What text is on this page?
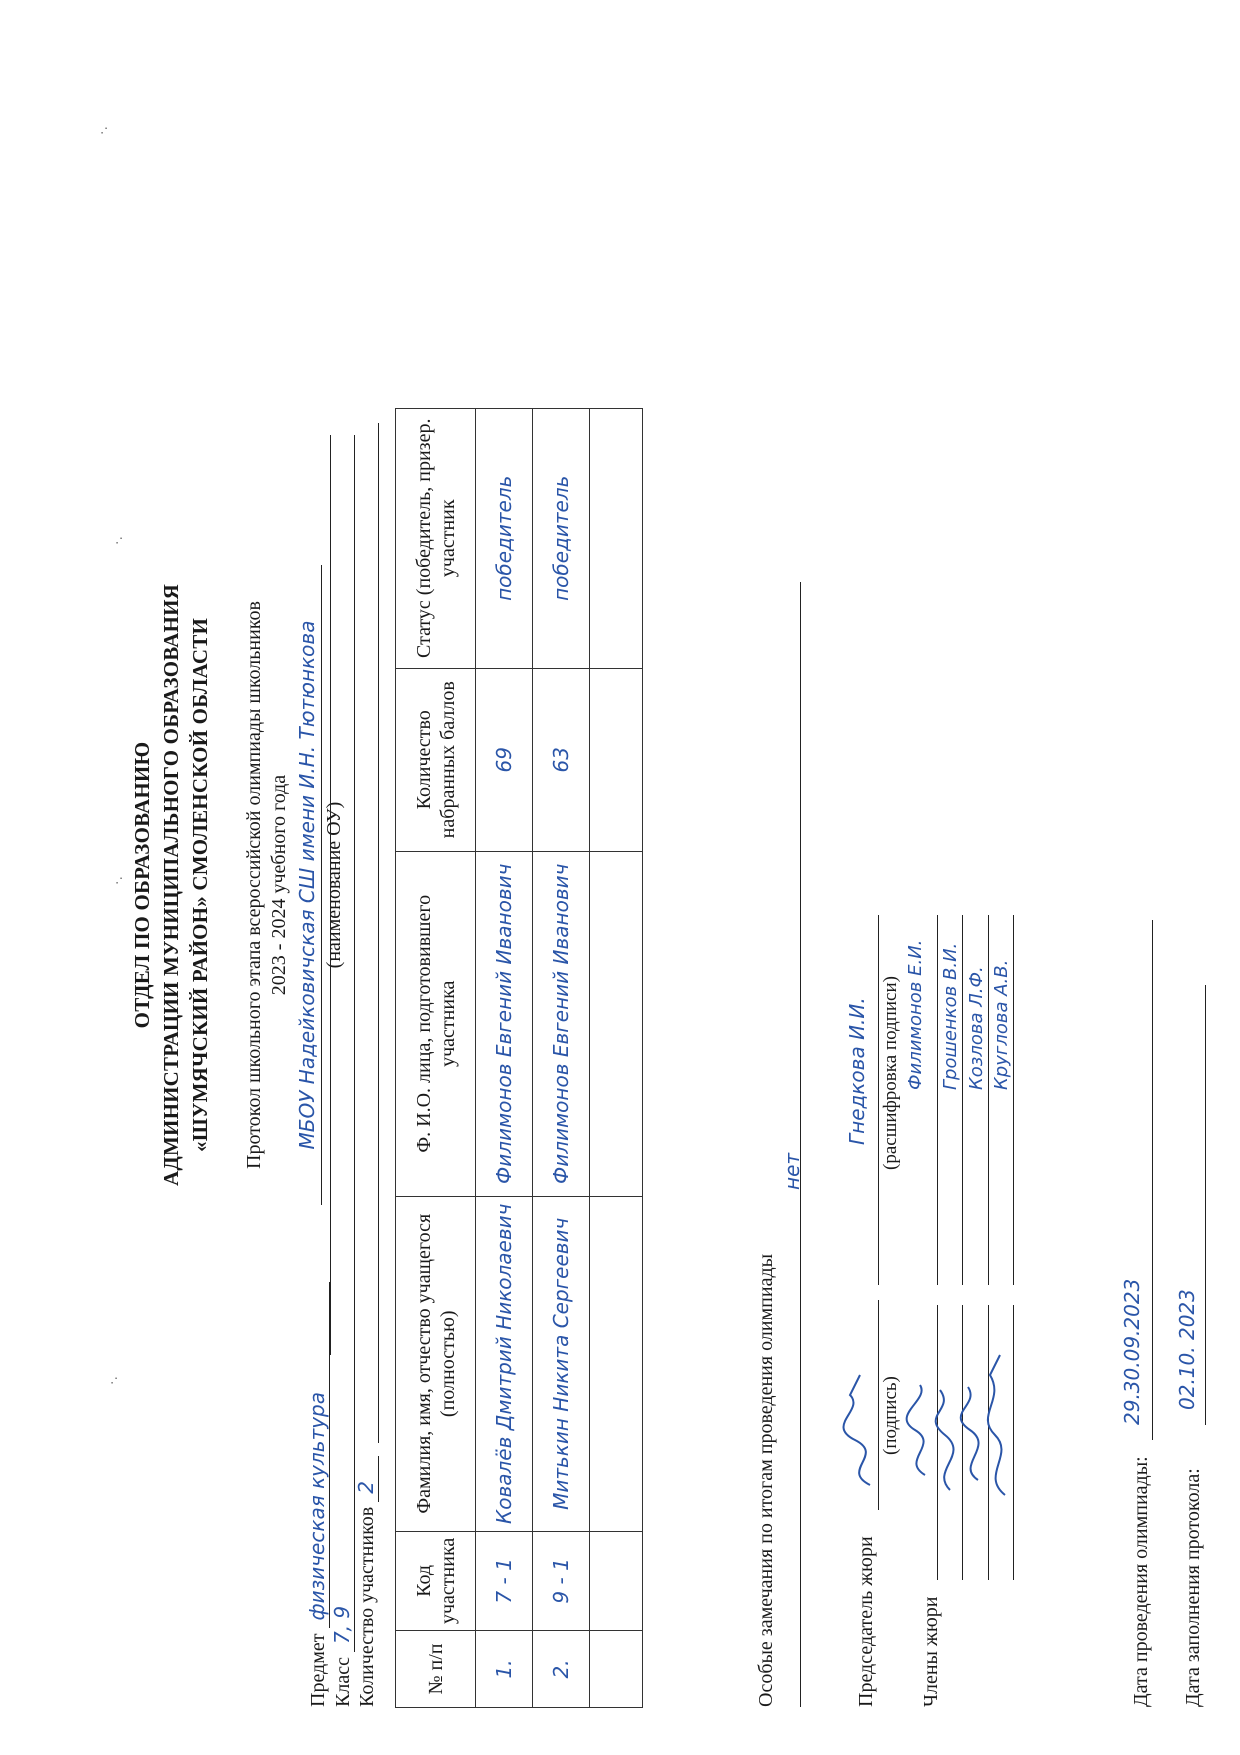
ОТДЕЛ ПО ОБРАЗОВАНИЮ АДМИНИСТРАЦИИ МУНИЦИПАЛЬНОГО ОБРАЗОВАНИЯ «ШУМЯЧСКИЙ РАЙОН» СМОЛЕНСКОЙ ОБЛАСТИ Протокол школьного этапа всероссийской олимпиады школьников 2023 - 2024 учебного года МБОУ Надейковичская СШ имени И.Н. Тютюнкова (наименование ОУ)
Предмет физическая культура
Класс 7, 9 Количество участников 2
№ п/п	Код участника	Фамилия, имя, отчество учащегося (полностью)	Ф. И.О. лица, подготовившего участника	Количество набранных баллов	Статус (победитель, призер. участник
1.	7 - 1	Ковалёв Дмитрий Николаевич	Филимонов Евгений Иванович	69	победитель
2.	9 - 1	Митькин Никита Сергеевич	Филимонов Евгений Иванович	63	победитель

Особые замечания по итогам проведения олимпиады
нет
Председатель жюри
(подпись)
Гнедкова И.И. (расшифровка подписи)
Члены жюри
Филимонов Е.И. Грошенков В.И. Козлова Л.Ф. Круглова А.В.
Дата проведения олимпиады:
29.30.09.2023
Дата заполнения протокола:
02.10. 2023
·.
·.
·.
·.
